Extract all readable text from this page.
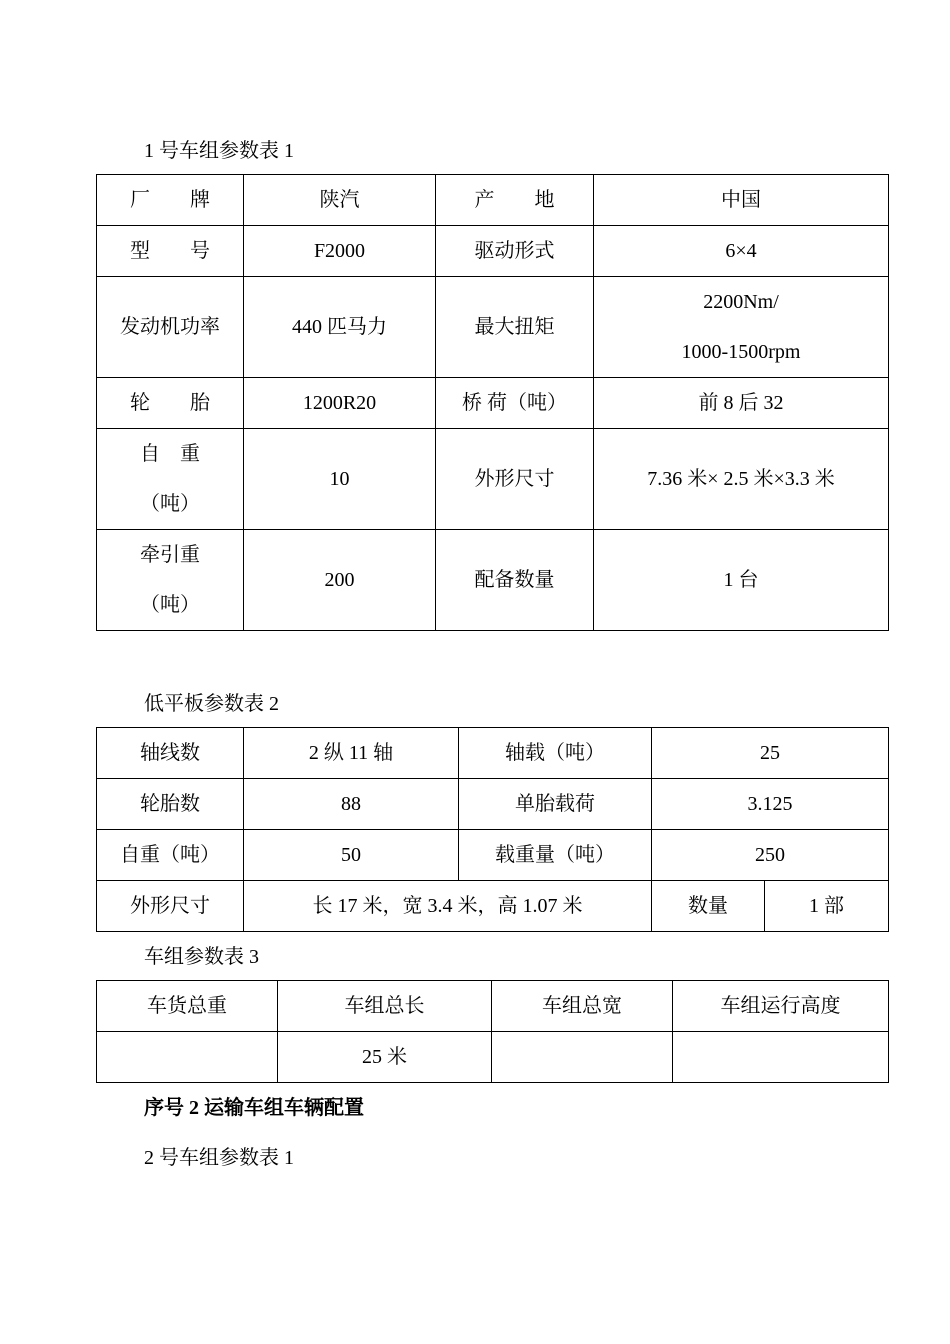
1 号车组参数表 1
厂　　牌	陕汽	产　　地	中国
型　　号	F2000	驱动形式	6×4
发动机功率	440 匹马力	最大扭矩	2200Nm/
1000-1500rpm

轮　　胎	1200R20	桥 荷（吨）	前 8 后 32

自　重
（吨）	10	外形尺寸	7.36 米× 2.5 米×3.3 米

牵引重
（吨）	200	配备数量	1 台
低平板参数表 2
轴线数	2 纵 11 轴	轴载（吨）	25	
轮胎数	88	单胎载荷	3.125	
自重（吨）	50	载重量（吨）	250	
外形尺寸	长 17 米，宽 3.4 米，高 1.07 米		数量	1 部
车组参数表 3
车货总重	车组总长	车组总宽	车组运行高度
	25 米		
序号 2 运输车组车辆配置
2 号车组参数表 1
